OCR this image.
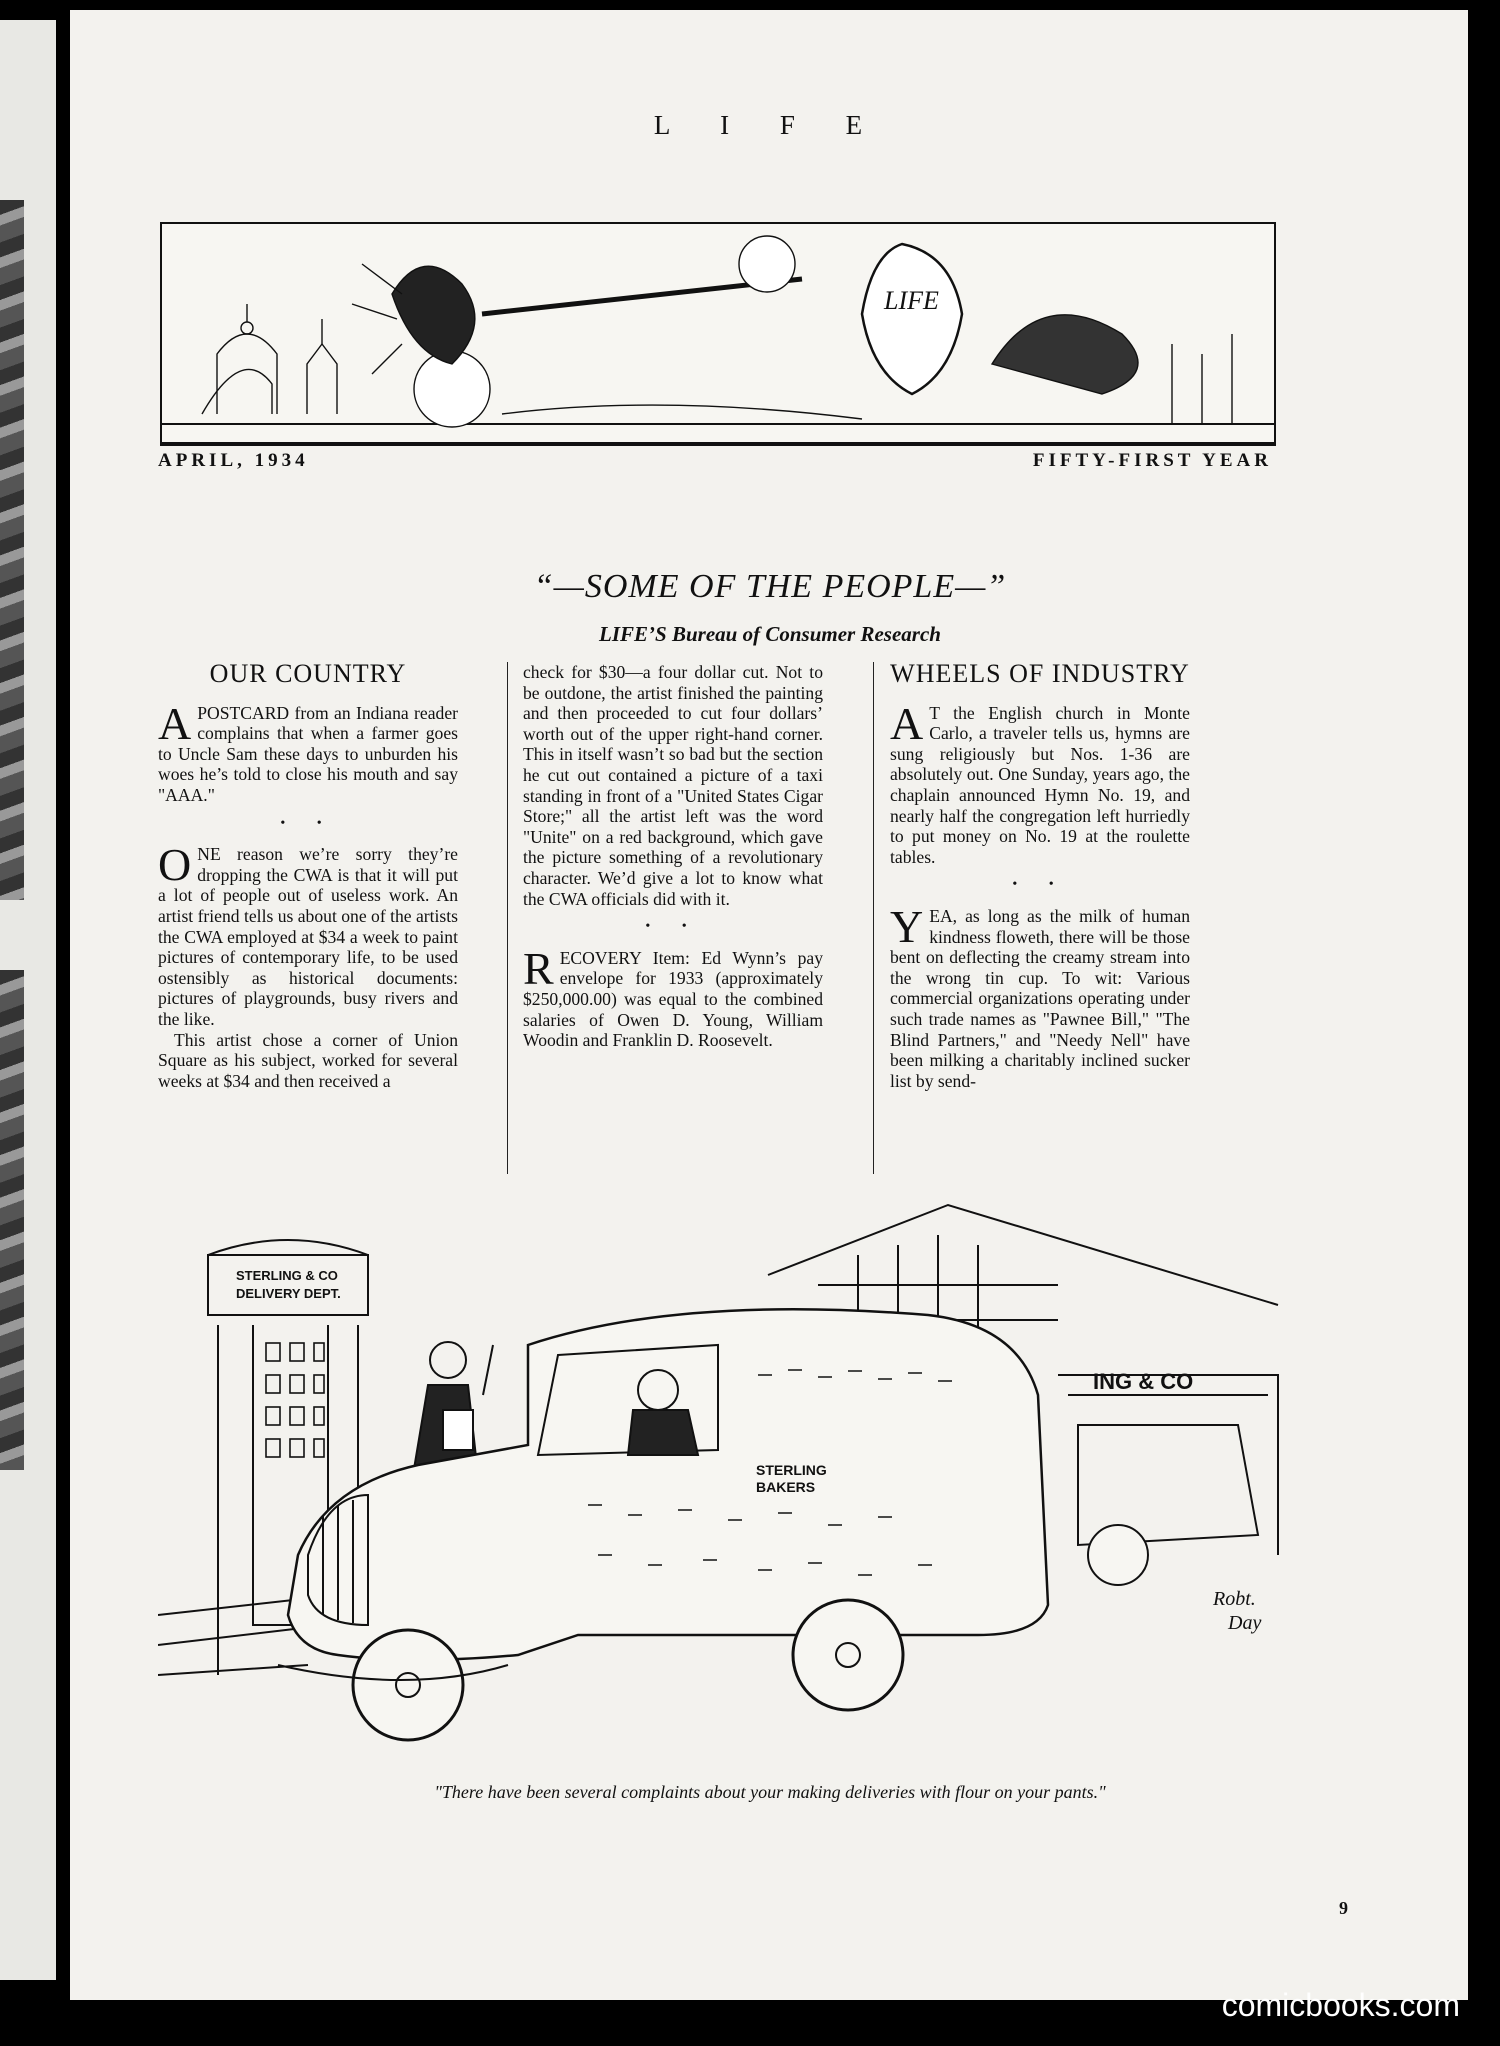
L I F E
LIFE
APRIL, 1934	FIFTY-FIRST YEAR
“—SOME OF THE PEOPLE—”
LIFE’S Bureau of Consumer Research

OUR COUNTRY

APOSTCARD from an Indiana reader complains that when a farmer goes to Uncle Sam these days to unburden his woes he’s told to close his mouth and say "AAA."

• •

ONE reason we’re sorry they’re dropping the CWA is that it will put a lot of people out of useless work. An artist friend tells us about one of the artists the CWA employed at $34 a week to paint pictures of contemporary life, to be used ostensibly as historical documents: pictures of playgrounds, busy rivers and the like.

This artist chose a corner of Union Square as his subject, worked for several weeks at $34 and then received a

check for $30—a four dollar cut. Not to be outdone, the artist finished the painting and then proceeded to cut four dollars’ worth out of the upper right-hand corner. This in itself wasn’t so bad but the section he cut out contained a picture of a taxi standing in front of a "United States Cigar Store;" all the artist left was the word "Unite" on a red background, which gave the picture something of a revolutionary character. We’d give a lot to know what the CWA officials did with it.

• •

RECOVERY Item: Ed Wynn’s pay envelope for 1933 (approximately $250,000.00) was equal to the combined salaries of Owen D. Young, William Woodin and Franklin D. Roosevelt.

WHEELS OF INDUSTRY

A T the English church in Monte Carlo, a traveler tells us, hymns are sung religiously but Nos. 1-36 are absolutely out. One Sunday, years ago, the chaplain announced Hymn No. 19, and nearly half the congregation left hurriedly to put money on No. 19 at the roulette tables.

• •

YEA, as long as the milk of human kindness floweth, there will be those bent on deflecting the creamy stream into the wrong tin cup. To wit: Various commercial organizations operating under such trade names as "Pawnee Bill," "The Blind Partners," and "Needy Nell" have been milking a charitably inclined sucker list by send-

STERLING & CO
DELIVERY DEPT.
STERLING
BAKERS
ING & CO
Robt.
Day
"There have been several complaints about your making deliveries with flour on your pants."
9
comicbooks.com
